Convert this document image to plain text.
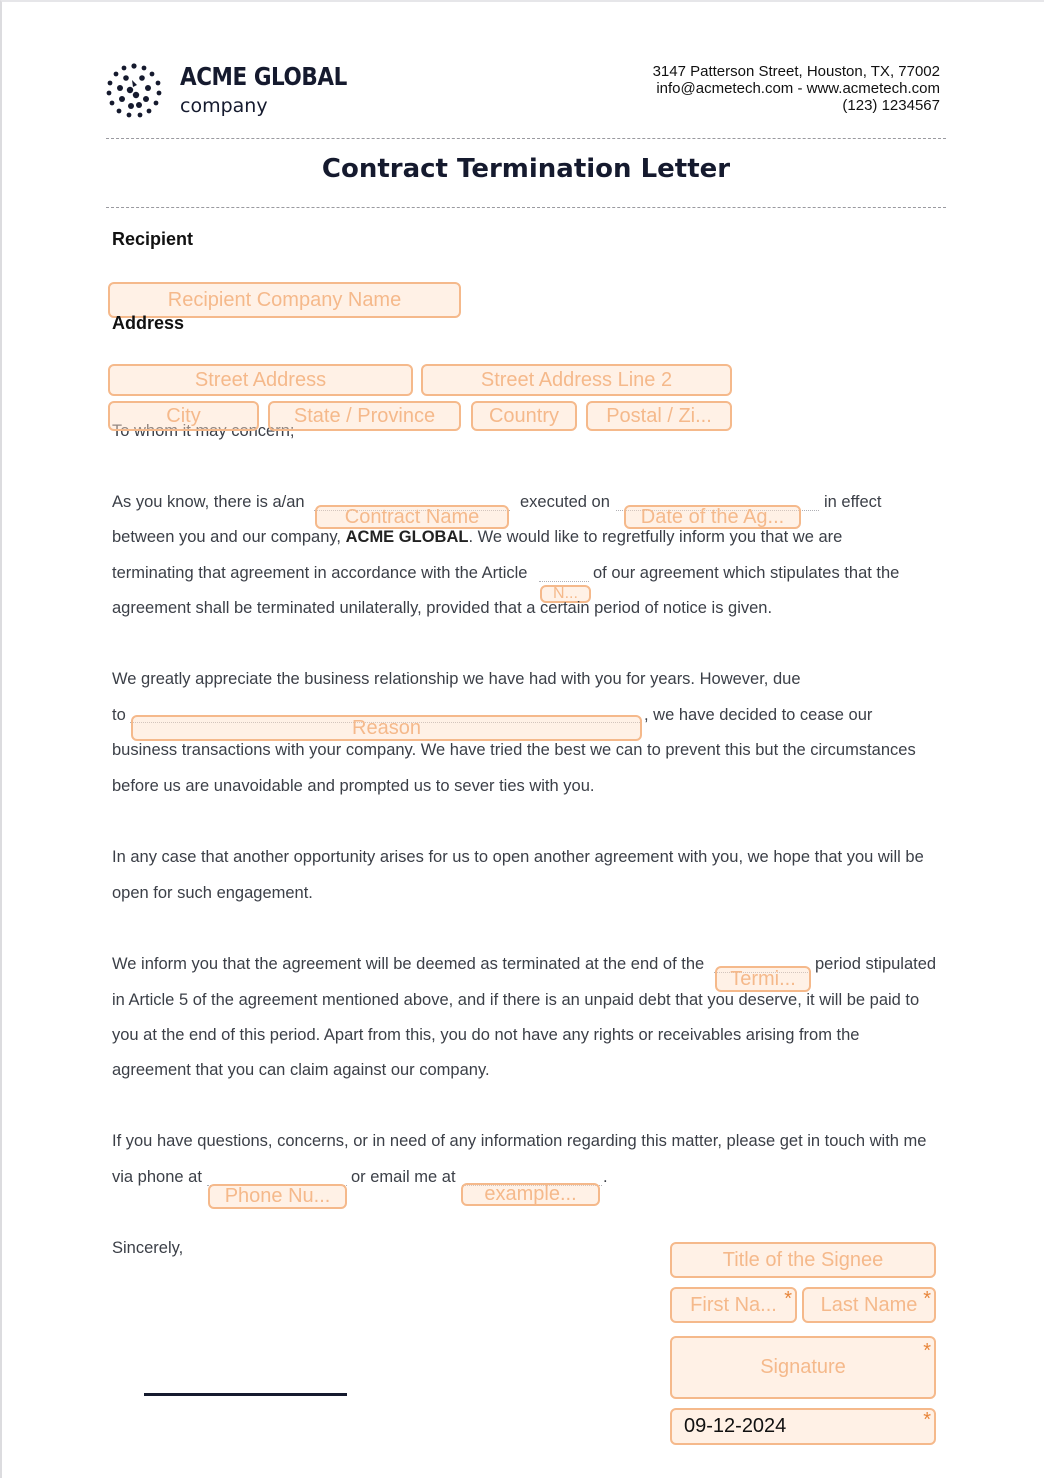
ACME GLOBAL
company
3147 Patterson Street, Houston, TX, 77002
info@acmetech.com - www.acmetech.com
(123) 1234567
Contract Termination Letter
Recipient
Recipient Company Name
Address
Street Address	Street Address Line 2
To whom it may concern;
City	State / Province	Country	Postal / Zi...
As you know, there is a/an
Contract Name
executed on
Date of the Ag...
in effect
between you and our company, ACME GLOBAL. We would like to regretfully inform you that we are
terminating that agreement in accordance with the Article
N...
of our agreement which stipulates that the
agreement shall be terminated unilaterally, provided that a certain period of notice is given.
We greatly appreciate the business relationship we have had with you for years. However, due
to
Reason
, we have decided to cease our
business transactions with your company. We have tried the best we can to prevent this but the circumstances
before us are unavoidable and prompted us to sever ties with you.
In any case that another opportunity arises for us to open another agreement with you, we hope that you will be
open for such engagement.
We inform you that the agreement will be deemed as terminated at the end of the
Termi...
period stipulated
in Article 5 of the agreement mentioned above, and if there is an unpaid debt that you deserve, it will be paid to
you at the end of this period. Apart from this, you do not have any rights or receivables arising from the
agreement that you can claim against our company.
If you have questions, concerns, or in need of any information regarding this matter, please get in touch with me
via phone at
Phone Nu...
or email me at
example...
.
Sincerely,
Title of the Signee
First Na... * Last Name *
Signature
*
09-12-2024	*
